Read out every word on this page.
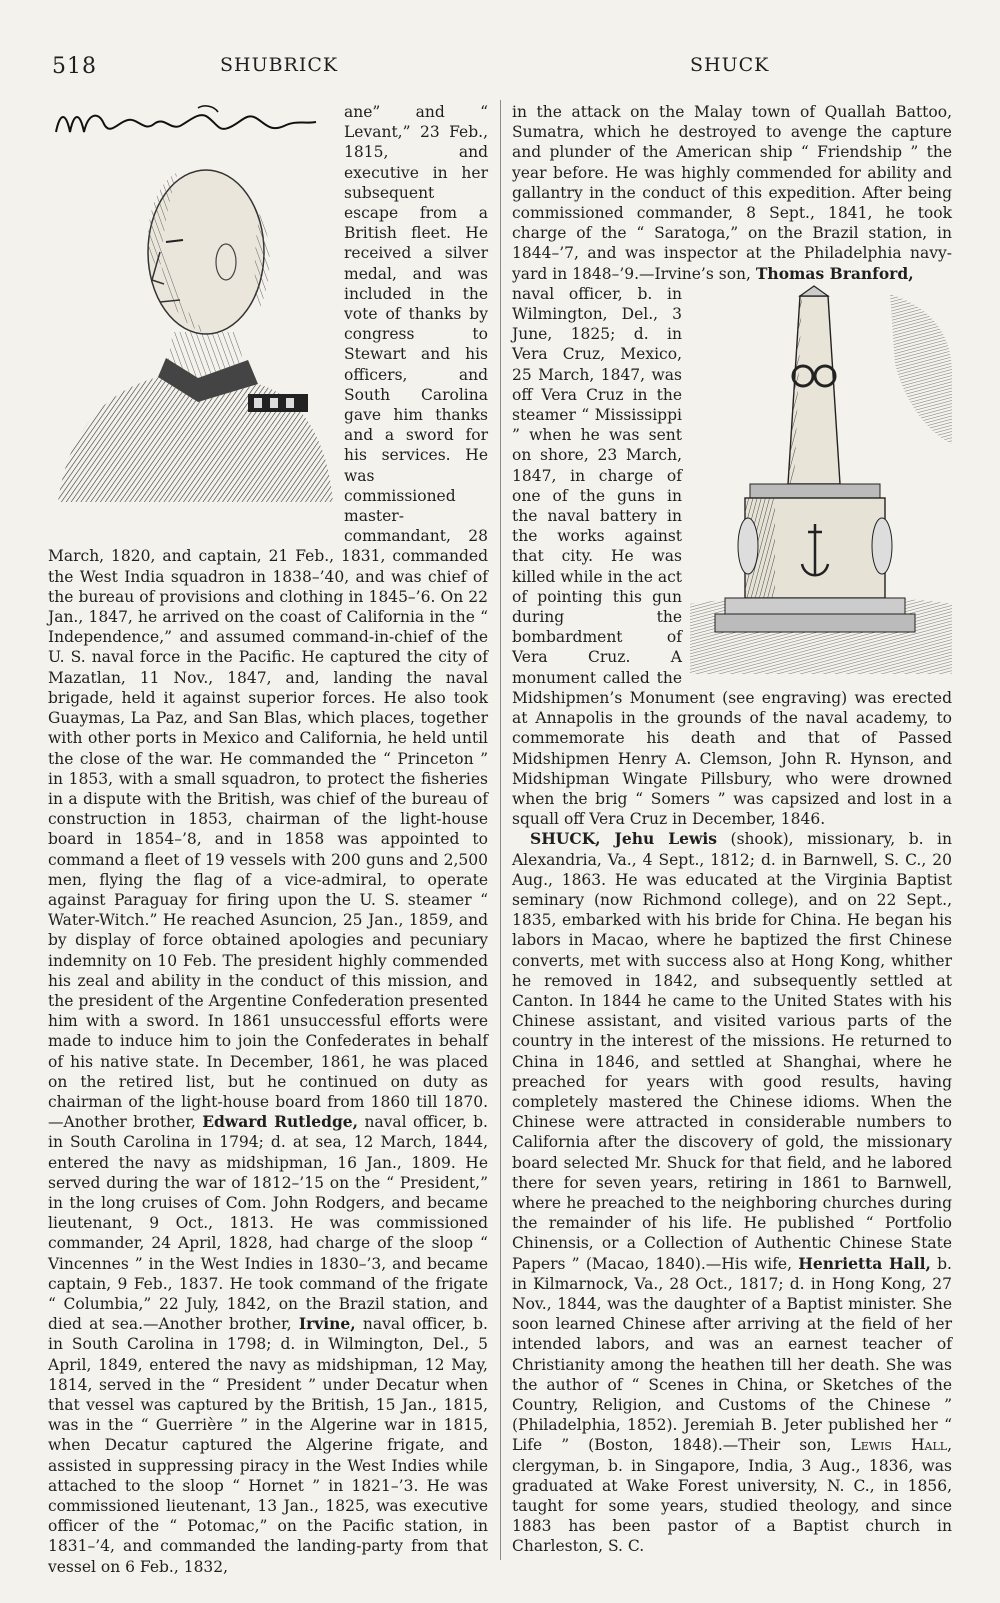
518	SHUBRICK	SHUCK

ane” and “ Levant,” 23 Feb., 1815, and executive in her subsequent escape from a British fleet. He received a silver medal, and was included in the vote of thanks by congress to Stewart and his officers, and South Carolina gave him thanks and a sword for his services. He was commissioned master-commandant, 28 March, 1820, and captain, 21 Feb., 1831, commanded the West India squadron in 1838–’40, and was chief of the bureau of provisions and clothing in 1845–’6. On 22 Jan., 1847, he arrived on the coast of California in the “ Independence,” and assumed command-in-chief of the U. S. naval force in the Pacific. He captured the city of Mazatlan, 11 Nov., 1847, and, landing the naval brigade, held it against superior forces. He also took Guaymas, La Paz, and San Blas, which places, together with other ports in Mexico and California, he held until the close of the war. He commanded the “ Princeton ” in 1853, with a small squadron, to protect the fisheries in a dispute with the British, was chief of the bureau of construction in 1853, chairman of the light-house board in 1854–’8, and in 1858 was appointed to command a fleet of 19 vessels with 200 guns and 2,500 men, flying the flag of a vice-admiral, to operate against Paraguay for firing upon the U. S. steamer “ Water-Witch.” He reached Asuncion, 25 Jan., 1859, and by display of force obtained apologies and pecuniary indemnity on 10 Feb. The president highly commended his zeal and ability in the conduct of this mission, and the president of the Argentine Confederation presented him with a sword. In 1861 unsuccessful efforts were made to induce him to join the Confederates in behalf of his native state. In December, 1861, he was placed on the retired list, but he continued on duty as chairman of the light-house board from 1860 till 1870.—Another brother, Edward Rutledge, naval officer, b. in South Carolina in 1794; d. at sea, 12 March, 1844, entered the navy as midshipman, 16 Jan., 1809. He served during the war of 1812–’15 on the “ President,” in the long cruises of Com. John Rodgers, and became lieutenant, 9 Oct., 1813. He was commissioned commander, 24 April, 1828, had charge of the sloop “ Vincennes ” in the West Indies in 1830–’3, and became captain, 9 Feb., 1837. He took command of the frigate “ Columbia,” 22 July, 1842, on the Brazil station, and died at sea.—Another brother, Irvine, naval officer, b. in South Carolina in 1798; d. in Wilmington, Del., 5 April, 1849, entered the navy as midshipman, 12 May, 1814, served in the “ President ” under Decatur when that vessel was captured by the British, 15 Jan., 1815, was in the “ Guerrière ” in the Algerine war in 1815, when Decatur captured the Algerine frigate, and assisted in suppressing piracy in the West Indies while attached to the sloop “ Hornet ” in 1821–’3. He was commissioned lieutenant, 13 Jan., 1825, was executive officer of the “ Potomac,” on the Pacific station, in 1831–’4, and commanded the landing-party from that vessel on 6 Feb., 1832,

in the attack on the Malay town of Quallah Battoo, Sumatra, which he destroyed to avenge the capture and plunder of the American ship “ Friendship ” the year before. He was highly commended for ability and gallantry in the conduct of this expedition. After being commissioned commander, 8 Sept., 1841, he took charge of the “ Saratoga,” on the Brazil station, in 1844–’7, and was inspector at the Philadelphia navy-yard in 1848–’9.—Irvine’s son, Thomas Branford,

naval officer, b. in Wilmington, Del., 3 June, 1825; d. in Vera Cruz, Mexico, 25 March, 1847, was off Vera Cruz in the steamer “ Mississippi ” when he was sent on shore, 23 March, 1847, in charge of one of the guns in the naval battery in the works against that city. He was killed while in the act of pointing this gun during the bombardment of Vera Cruz. A monument called the Midshipmen’s Monument (see engraving) was erected at Annapolis in the grounds of the naval academy, to commemorate his death and that of Passed Midshipmen Henry A. Clemson, John R. Hynson, and Midshipman Wingate Pillsbury, who were drowned when the brig “ Somers ” was capsized and lost in a squall off Vera Cruz in December, 1846.

SHUCK, Jehu Lewis (shook), missionary, b. in Alexandria, Va., 4 Sept., 1812; d. in Barnwell, S. C., 20 Aug., 1863. He was educated at the Virginia Baptist seminary (now Richmond college), and on 22 Sept., 1835, embarked with his bride for China. He began his labors in Macao, where he baptized the first Chinese converts, met with success also at Hong Kong, whither he removed in 1842, and subsequently settled at Canton. In 1844 he came to the United States with his Chinese assistant, and visited various parts of the country in the interest of the missions. He returned to China in 1846, and settled at Shanghai, where he preached for years with good results, having completely mastered the Chinese idioms. When the Chinese were attracted in considerable numbers to California after the discovery of gold, the missionary board selected Mr. Shuck for that field, and he labored there for seven years, retiring in 1861 to Barnwell, where he preached to the neighboring churches during the remainder of his life. He published “ Portfolio Chinensis, or a Collection of Authentic Chinese State Papers ” (Macao, 1840).—His wife, Henrietta Hall, b. in Kilmarnock, Va., 28 Oct., 1817; d. in Hong Kong, 27 Nov., 1844, was the daughter of a Baptist minister. She soon learned Chinese after arriving at the field of her intended labors, and was an earnest teacher of Christianity among the heathen till her death. She was the author of “ Scenes in China, or Sketches of the Country, Religion, and Customs of the Chinese ” (Philadelphia, 1852). Jeremiah B. Jeter published her “ Life ” (Boston, 1848).—Their son, Lewis Hall, clergyman, b. in Singapore, India, 3 Aug., 1836, was graduated at Wake Forest university, N. C., in 1856, taught for some years, studied theology, and since 1883 has been pastor of a Baptist church in Charleston, S. C.
